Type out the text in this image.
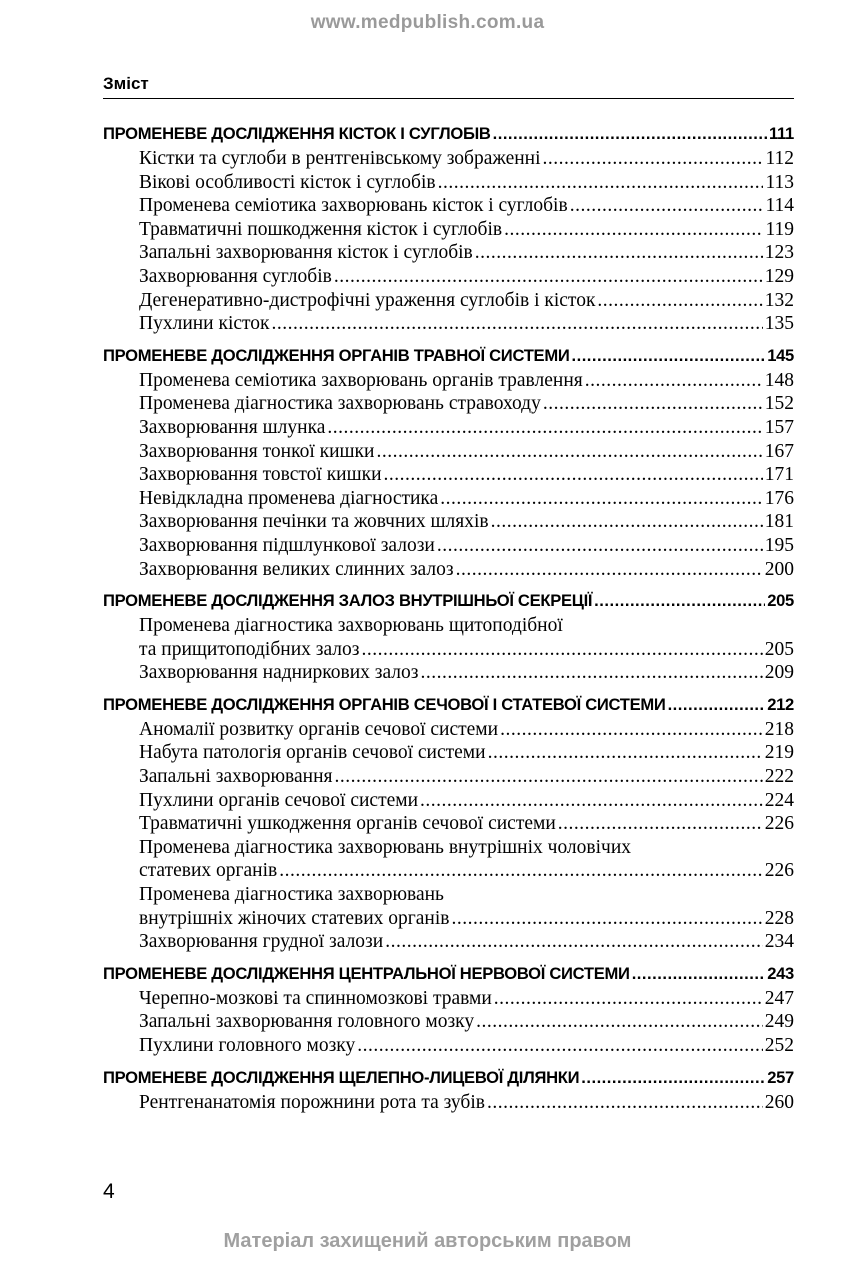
www.medpublish.com.ua
Зміст
ПРОМЕНЕВЕ ДОСЛІДЖЕННЯ КІСТОК І СУГЛОБІВ .....	111
Кістки та суглоби в рентгенівському зображенні .....	112
Вікові особливості кісток і суглобів .....	113
Променева семіотика захворювань кісток і суглобів .....	114
Травматичні пошкодження кісток і суглобів .....	119
Запальні захворювання кісток і суглобів .....	123
Захворювання суглобів .....	129
Дегенеративно-дистрофічні ураження суглобів і кісток .....	132
Пухлини кісток .....	135
ПРОМЕНЕВЕ ДОСЛІДЖЕННЯ ОРГАНІВ ТРАВНОЇ СИСТЕМИ .....	145
Променева семіотика захворювань органів травлення .....	148
Променева діагностика захворювань стравоходу .....	152
Захворювання шлунка .....	157
Захворювання тонкої кишки .....	167
Захворювання товстої кишки .....	171
Невідкладна променева діагностика .....	176
Захворювання печінки та жовчних шляхів .....	181
Захворювання підшлункової залози .....	195
Захворювання великих слинних залоз .....	200
ПРОМЕНЕВЕ ДОСЛІДЖЕННЯ ЗАЛОЗ ВНУТРІШНЬОЇ СЕКРЕЦІЇ .....	205
Променева діагностика захворювань щитоподібної
та прищитоподібних залоз .....	205
Захворювання надниркових залоз .....	209
ПРОМЕНЕВЕ ДОСЛІДЖЕННЯ ОРГАНІВ СЕЧОВОЇ І СТАТЕВОЇ СИСТЕМИ .....	212
Аномалії розвитку органів сечової системи .....	218
Набута патологія органів сечової системи .....	219
Запальні захворювання .....	222
Пухлини органів сечової системи .....	224
Травматичні ушкодження органів сечової системи .....	226
Променева діагностика захворювань внутрішніх чоловічих
статевих органів .....	226
Променева діагностика захворювань
внутрішніх жіночих статевих органів .....	228
Захворювання грудної залози .....	234
ПРОМЕНЕВЕ ДОСЛІДЖЕННЯ ЦЕНТРАЛЬНОЇ НЕРВОВОЇ СИСТЕМИ .....	243
Черепно-мозкові та спинномозкові травми .....	247
Запальні захворювання головного мозку .....	249
Пухлини головного мозку .....	252
ПРОМЕНЕВЕ ДОСЛІДЖЕННЯ ЩЕЛЕПНО-ЛИЦЕВОЇ ДІЛЯНКИ .....	257
Рентгенанатомія порожнини рота та зубів .....	260
4
Матеріал захищений авторським правом
